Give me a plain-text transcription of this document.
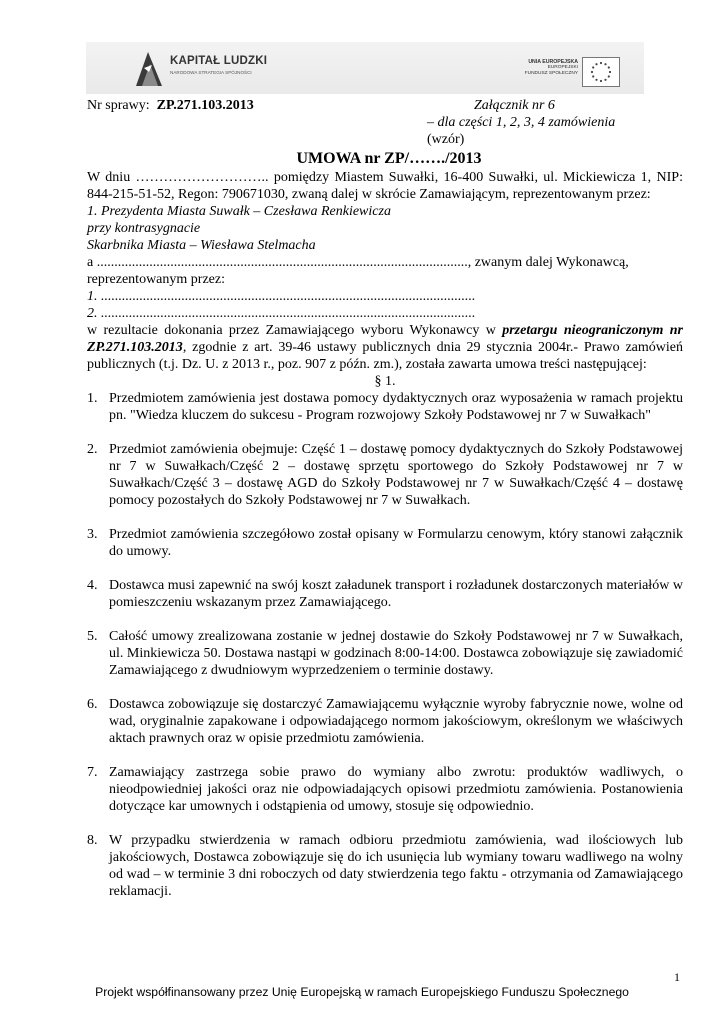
KAPITAŁ LUDZKI
NARODOWA STRATEGIA SPÓJNOŚCI
UNIA EUROPEJSKA
EUROPEJSKI
FUNDUSZ SPOŁECZNY
Nr sprawy: ZP.271.103.2013	Załącznik nr 6
– dla części 1, 2, 3, 4 zamówienia
(wzór)

UMOWA nr ZP/……./2013

W dniu ……………………….. pomiędzy Miastem Suwałki, 16-400 Suwałki, ul. Mickiewicza 1, NIP: 844-215-51-52, Regon: 790671030, zwaną dalej w skrócie Zamawiającym, reprezentowanym przez:

1. Prezydenta Miasta Suwałk – Czesława Renkiewicza

przy kontrasygnacie

Skarbnika Miasta – Wiesława Stelmacha

a .........................................................................................................., zwanym dalej Wykonawcą,

reprezentowanym przez:

1. ...........................................................................................................

2. ...........................................................................................................

w rezultacie dokonania przez Zamawiającego wyboru Wykonawcy w przetargu nieograniczonym nr ZP.271.103.2013, zgodnie z art. 39-46 ustawy publicznych dnia 29 stycznia 2004r.- Prawo zamówień publicznych (t.j. Dz. U. z 2013 r., poz. 907 z późn. zm.), została zawarta umowa treści następującej:

§ 1.

1. Przedmiotem zamówienia jest dostawa pomocy dydaktycznych oraz wyposażenia w ramach projektu pn. "Wiedza kluczem do sukcesu - Program rozwojowy Szkoły Podstawowej nr 7 w Suwałkach"
2. Przedmiot zamówienia obejmuje: Część 1 – dostawę pomocy dydaktycznych do Szkoły Podstawowej nr 7 w Suwałkach/Część 2 – dostawę sprzętu sportowego do Szkoły Podstawowej nr 7 w Suwałkach/Część 3 – dostawę AGD do Szkoły Podstawowej nr 7 w Suwałkach/Część 4 – dostawę pomocy pozostałych do Szkoły Podstawowej nr 7 w Suwałkach.
3. Przedmiot zamówienia szczegółowo został opisany w Formularzu cenowym, który stanowi załącznik do umowy.
4. Dostawca musi zapewnić na swój koszt załadunek transport i rozładunek dostarczonych materiałów w pomieszczeniu wskazanym przez Zamawiającego.
5. Całość umowy zrealizowana zostanie w jednej dostawie do Szkoły Podstawowej nr 7 w Suwałkach, ul. Minkiewicza 50. Dostawa nastąpi w godzinach 8:00-14:00. Dostawca zobowiązuje się zawiadomić Zamawiającego z dwudniowym wyprzedzeniem o terminie dostawy.
6. Dostawca zobowiązuje się dostarczyć Zamawiającemu wyłącznie wyroby fabrycznie nowe, wolne od wad, oryginalnie zapakowane i odpowiadającego normom jakościowym, określonym we właściwych aktach prawnych oraz w opisie przedmiotu zamówienia.
7. Zamawiający zastrzega sobie prawo do wymiany albo zwrotu: produktów wadliwych, o nieodpowiedniej jakości oraz nie odpowiadających opisowi przedmiotu zamówienia. Postanowienia dotyczące kar umownych i odstąpienia od umowy, stosuje się odpowiednio.
8. W przypadku stwierdzenia w ramach odbioru przedmiotu zamówienia, wad ilościowych lub jakościowych, Dostawca zobowiązuje się do ich usunięcia lub wymiany towaru wadliwego na wolny od wad – w terminie 3 dni roboczych od daty stwierdzenia tego faktu - otrzymania od Zamawiającego reklamacji.
1
Projekt współfinansowany przez Unię Europejską w ramach Europejskiego Funduszu Społecznego
